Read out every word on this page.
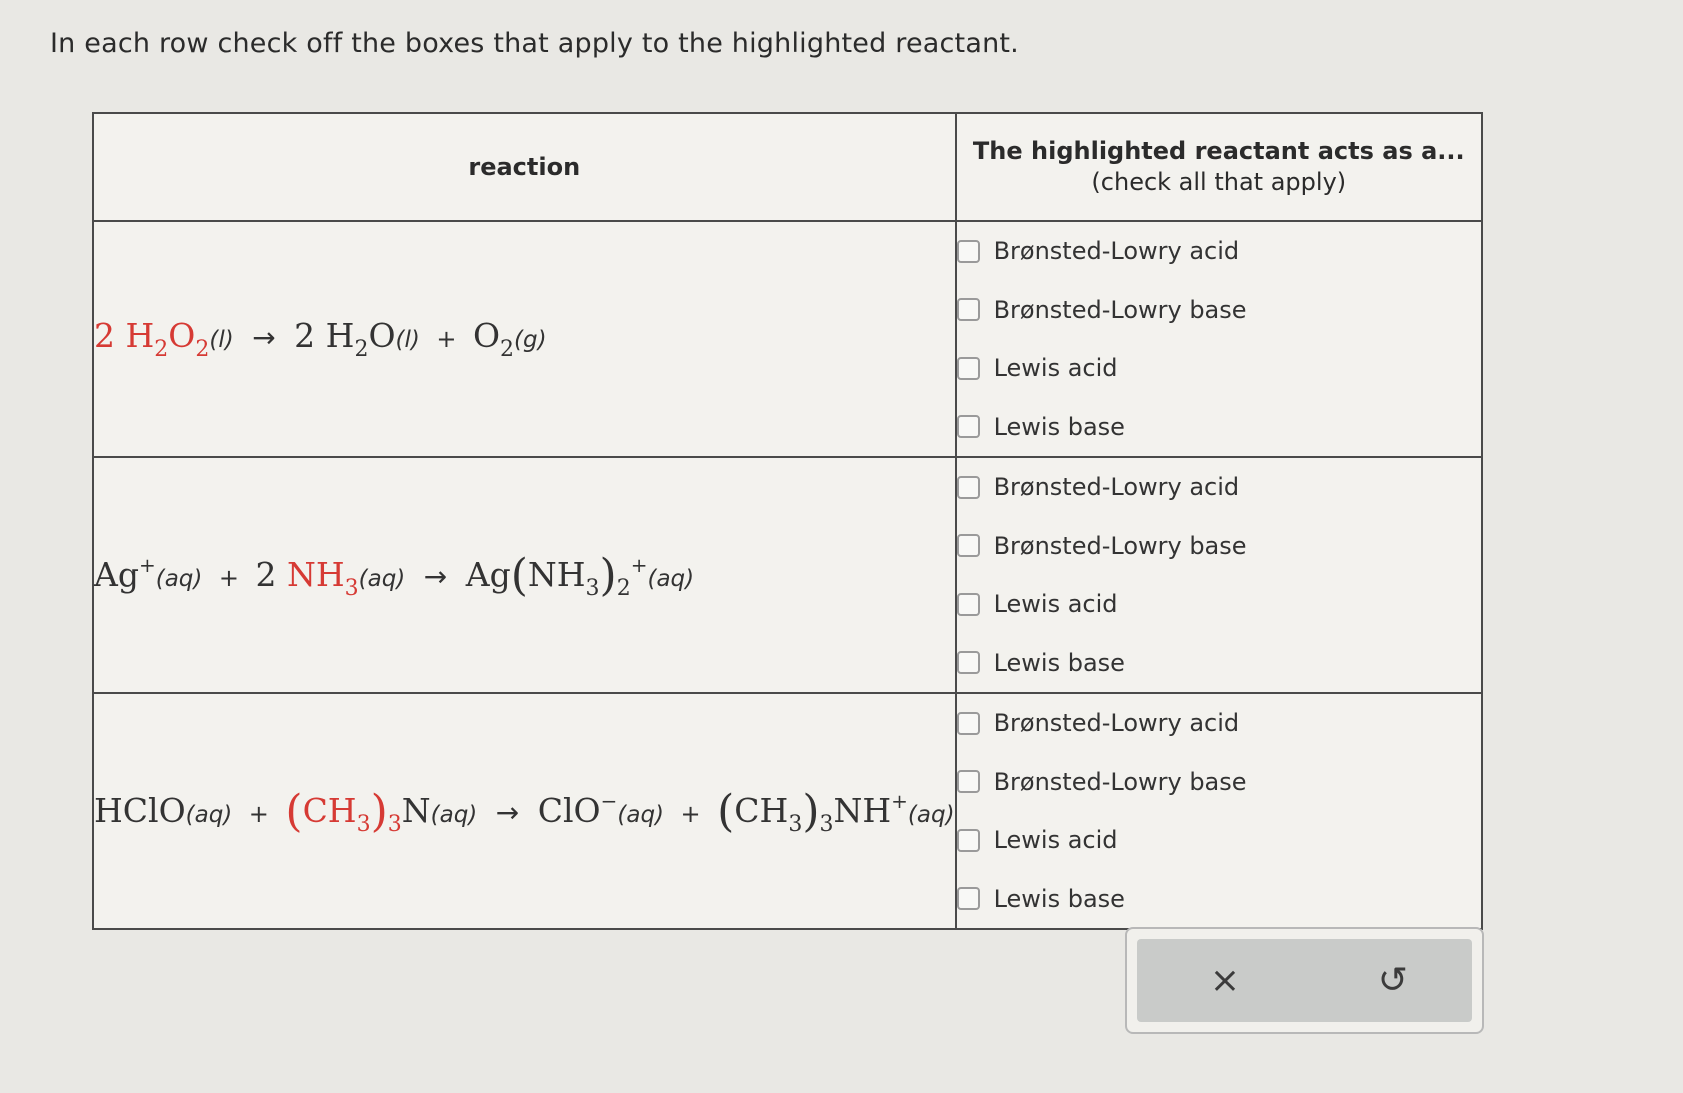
In each row check off the boxes that apply to the highlighted reactant.
reaction	The highlighted reactant acts as a...
(check all that apply)

2 $H_2O_2(l) \to 2$ $H_2O(l) + O_2(g)$	Brønsted-Lowry acid
Brønsted-Lowry base
Lewis acid
Lewis base

Ag+(aq) + 2 $NH_3(aq) \to Ag(NH_3)_2^+(aq)$	Brønsted-Lowry acid
Brønsted-Lowry base
Lewis acid
Lewis base

HClO(aq) + $(CH_3)_3N(aq) \to ClO^-(aq) + (CH_3)_3NH^+(aq)$	Brønsted-Lowry acid
Brønsted-Lowry base
Lewis acid
Lewis base
×	↺
